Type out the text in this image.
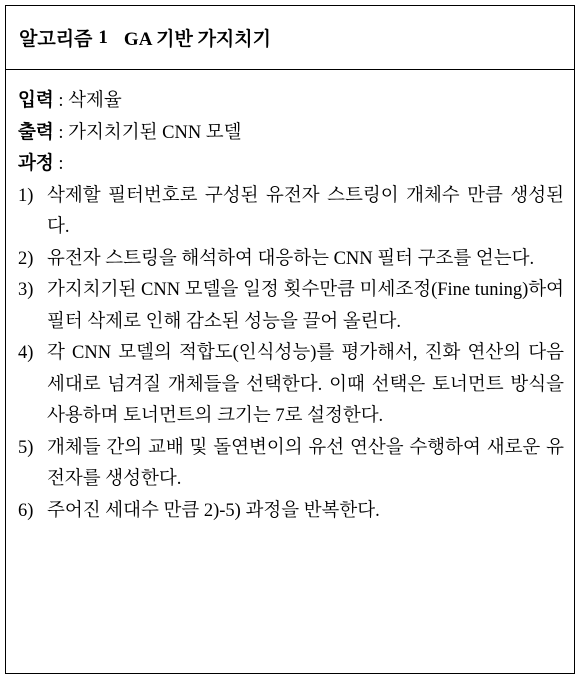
알고리즘 1 GA 기반 가지치기
입력 : 삭제율
출력 : 가지치기된 CNN 모델
과정 :
1) 삭제할 필터번호로 구성된 유전자 스트링이 개체수 만큼 생성된다.
2) 유전자 스트링을 해석하여 대응하는 CNN 필터 구조를 얻는다.
3) 가지치기된 CNN 모델을 일정 횟수만큼 미세조정(Fine tuning)하여 필터 삭제로 인해 감소된 성능을 끌어 올린다.
4) 각 CNN 모델의 적합도(인식성능)를 평가해서, 진화 연산의 다음 세대로 넘겨질 개체들을 선택한다. 이때 선택은 토너먼트 방식을 사용하며 토너먼트의 크기는 7로 설정한다.
5) 개체들 간의 교배 및 돌연변이의 유선 연산을 수행하여 새로운 유전자를 생성한다.
6) 주어진 세대수 만큼 2)-5) 과정을 반복한다.
